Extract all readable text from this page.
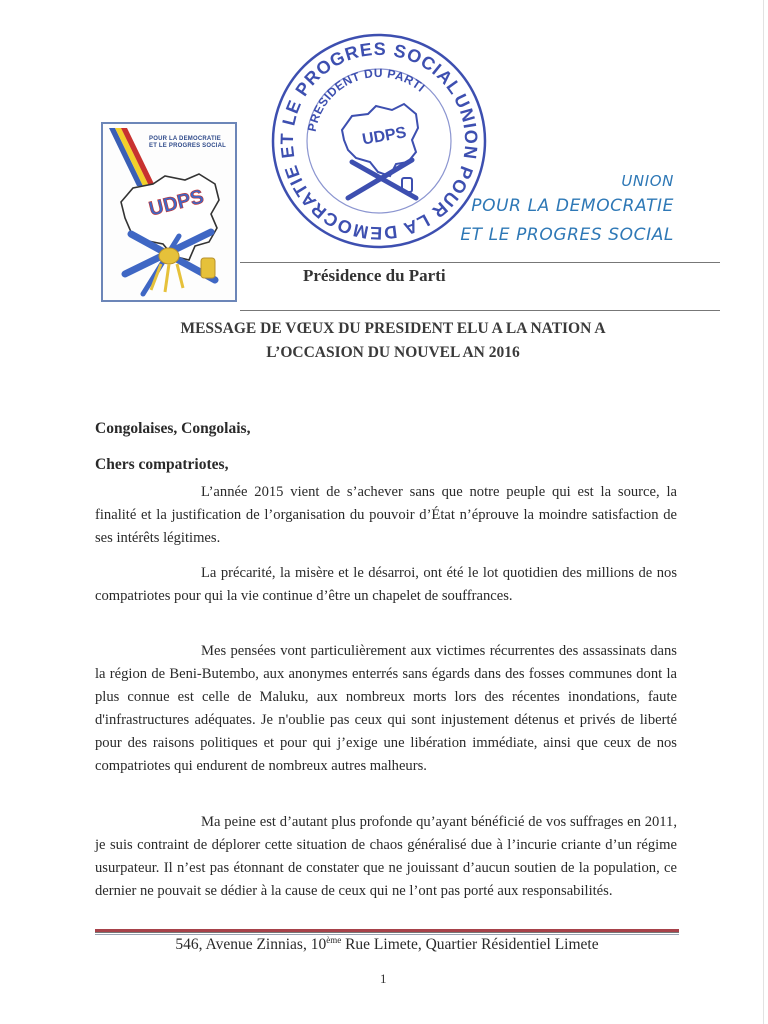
UDPS
POUR LA DEMOCRATIE
ET LE PROGRES SOCIAL
UNION POUR LA DEMOCRATIE ET LE PROGRES SOCIAL
PRESIDENT DU PARTI
UDPS
UNION
POUR LA DEMOCRATIE
ET LE PROGRES SOCIAL
Présidence du Parti
MESSAGE DE VŒUX DU PRESIDENT ELU A LA NATION A
L’OCCASION DU NOUVEL AN 2016
Congolaises, Congolais,
Chers compatriotes,

L’année 2015 vient de s’achever sans que notre peuple qui est la source, la finalité et la justification de l’organisation du pouvoir d’État n’éprouve la moindre satisfaction de ses intérêts légitimes.

La précarité, la misère et le désarroi, ont été le lot quotidien des millions de nos compatriotes pour qui la vie continue d’être un chapelet de souffrances.

Mes pensées vont particulièrement aux victimes récurrentes des assassinats dans la région de Beni-Butembo, aux anonymes enterrés sans égards dans des fosses communes dont la plus connue est celle de Maluku, aux nombreux morts lors des récentes inondations, faute d'infrastructures adéquates. Je n'oublie pas ceux qui sont injustement détenus et privés de liberté pour des raisons politiques et pour qui j’exige une libération immédiate, ainsi que ceux de nos compatriotes qui endurent de nombreux autres malheurs.

Ma peine est d’autant plus profonde qu’ayant bénéficié de vos suffrages en 2011, je suis contraint de déplorer cette situation de chaos généralisé due à l’incurie criante d’un régime usurpateur. Il n’est pas étonnant de constater que ne jouissant d’aucun soutien de la population, ce dernier ne pouvait se dédier à la cause de ceux qui ne l’ont pas porté aux responsabilités.

546, Avenue Zinnias, 10ème Rue Limete, Quartier Résidentiel Limete
1
